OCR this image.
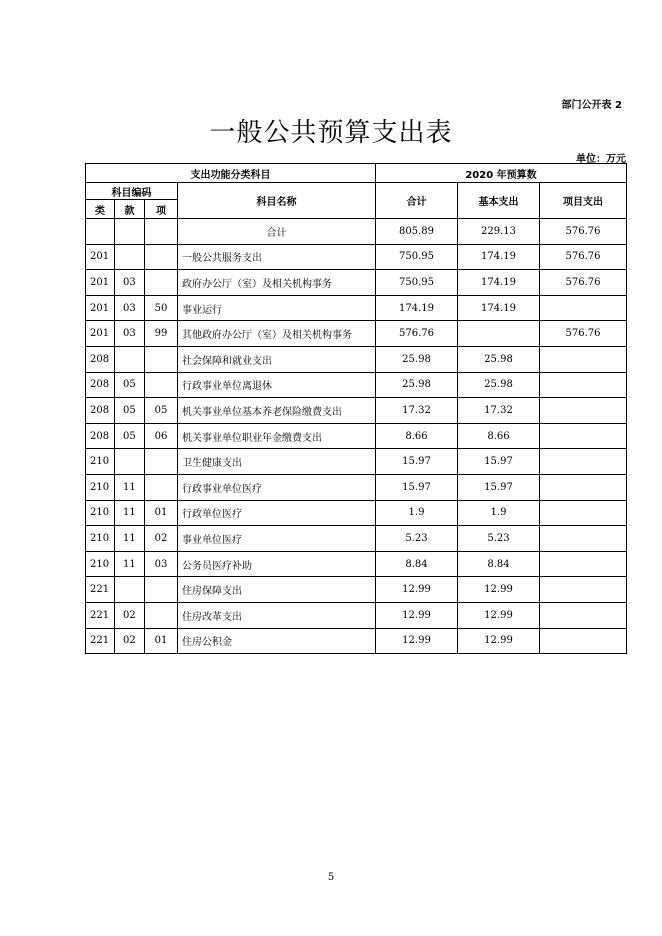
部门公开表 2
一般公共预算支出表
单位：万元
支出功能分类科目				2020 年预算数		
科目编码			科目名称	合计	基本支出	项目支出
类	款	项				
			合计	805.89	229.13	576.76
201			一般公共服务支出	750.95	174.19	576.76
201	03		政府办公厅（室）及相关机构事务	750.95	174.19	576.76
201	03	50	事业运行	174.19	174.19	
201	03	99	其他政府办公厅（室）及相关机构事务	576.76		576.76
208			社会保障和就业支出	25.98	25.98	
208	05		行政事业单位离退休	25.98	25.98	
208	05	05	机关事业单位基本养老保险缴费支出	17.32	17.32	
208	05	06	机关事业单位职业年金缴费支出	8.66	8.66	
210			卫生健康支出	15.97	15.97	
210	11		行政事业单位医疗	15.97	15.97	
210	11	01	行政单位医疗	1.9	1.9	
210	11	02	事业单位医疗	5.23	5.23	
210	11	03	公务员医疗补助	8.84	8.84	
221			住房保障支出	12.99	12.99	
221	02		住房改革支出	12.99	12.99	
221	02	01	住房公积金	12.99	12.99	
5
